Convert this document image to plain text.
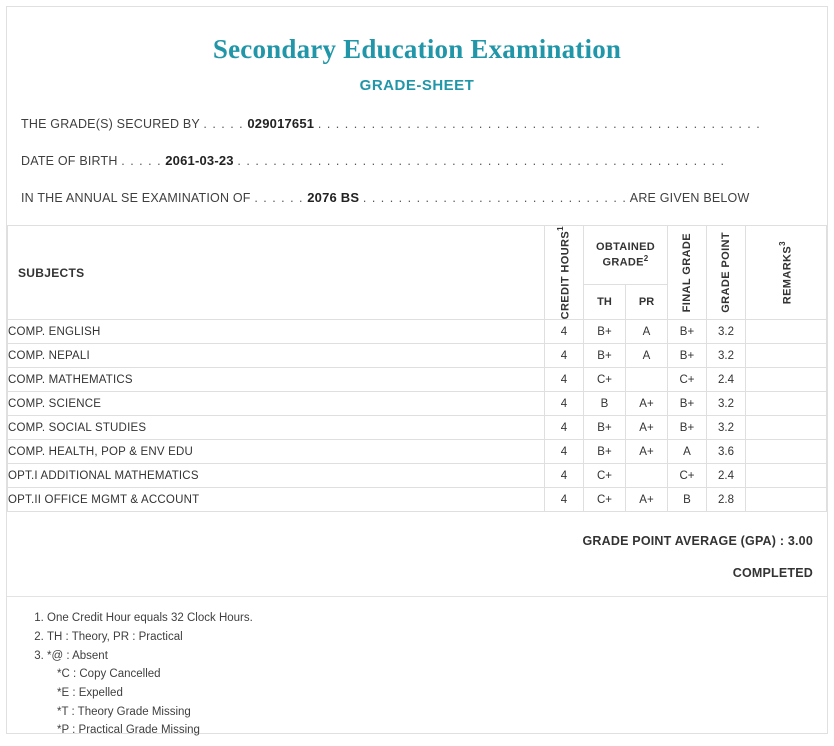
Secondary Education Examination
GRADE-SHEET
THE GRADE(S) SECURED BY . . . . . 029017651 . . . . . . . . . . . . . . . . . . . . . . . . . . . . . . . . . . . . . . . . . . . . . . . . . .
DATE OF BIRTH . . . . . 2061-03-23 . . . . . . . . . . . . . . . . . . . . . . . . . . . . . . . . . . . . . . . . . . . . . . . . . . . . . . .
IN THE ANNUAL SE EXAMINATION OF . . . . . . 2076 BS . . . . . . . . . . . . . . . . . . . . . . . . . . . . . . ARE GIVEN BELOW
SUBJECTS	CREDIT HOURS$^1$	OBTAINED GRADE$^2$		FINAL GRADE	GRADE POINT	REMARKS$^3$

		TH	PR			
COMP. ENGLISH	4	B+	A	B+	3.2	
COMP. NEPALI	4	B+	A	B+	3.2	
COMP. MATHEMATICS	4	C+		C+	2.4	
COMP. SCIENCE	4	B	A+	B+	3.2	
COMP. SOCIAL STUDIES	4	B+	A+	B+	3.2	
COMP. HEALTH, POP & ENV EDU	4	B+	A+	A	3.6	
OPT.I ADDITIONAL MATHEMATICS	4	C+		C+	2.4	
OPT.II OFFICE MGMT & ACCOUNT	4	C+	A+	B	2.8	
GRADE POINT AVERAGE (GPA) : 3.00
COMPLETED
1. One Credit Hour equals 32 Clock Hours.
2. TH : Theory, PR : Practical
3. *@ : Absent
*C : Copy Cancelled
*E : Expelled
*T : Theory Grade Missing
*P : Practical Grade Missing
